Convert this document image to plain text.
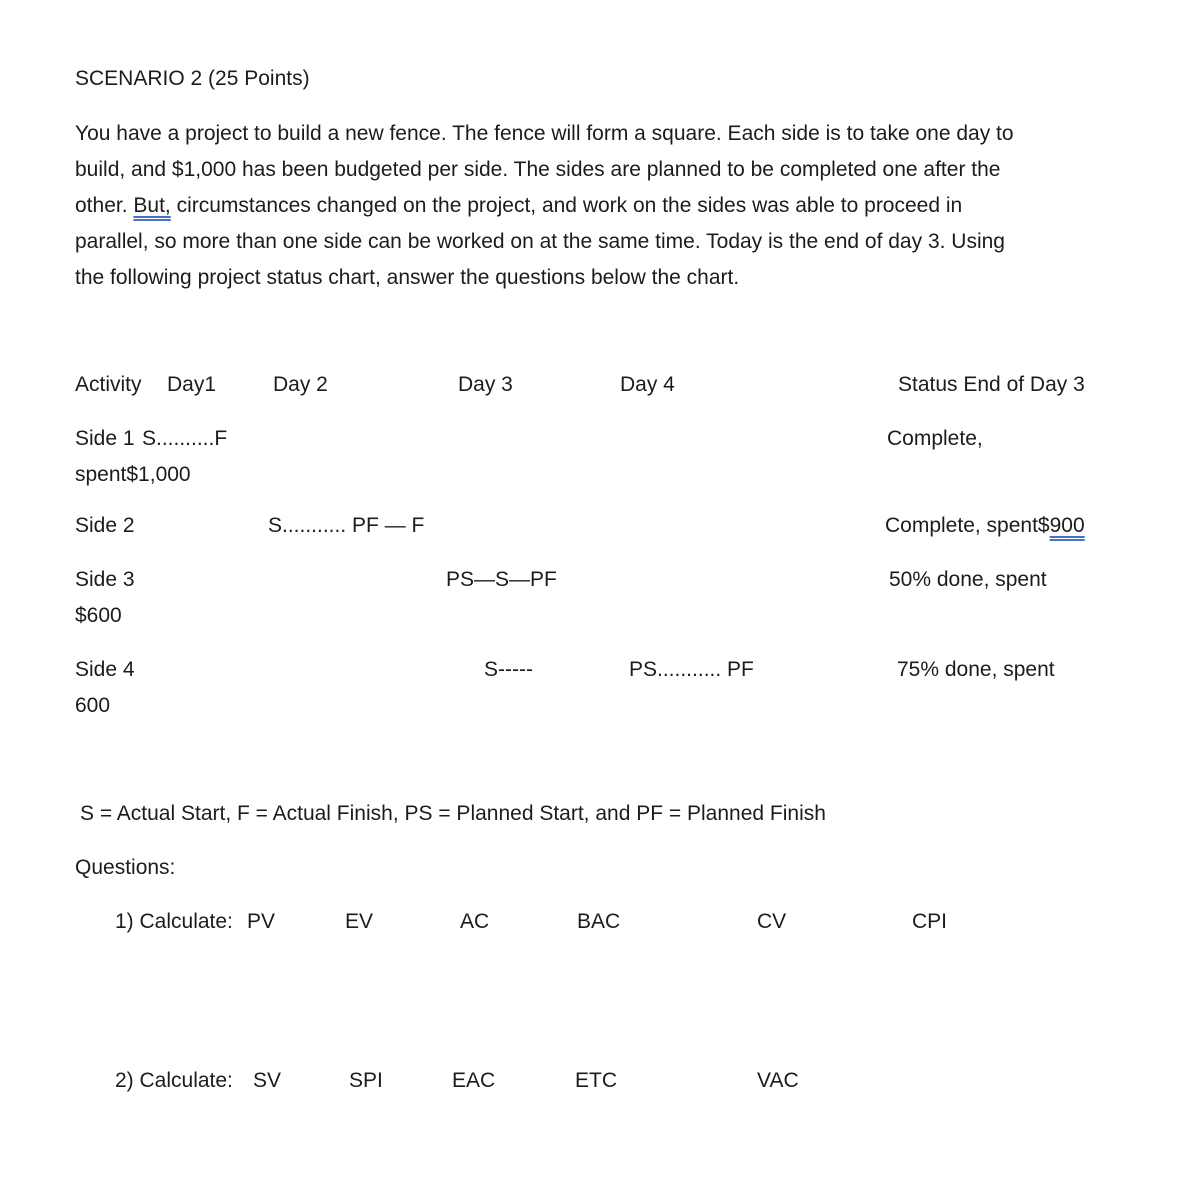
SCENARIO 2 (25 Points)

You have a project to build a new fence. The fence will form a square. Each side is to take one day to
build, and $1,000 has been budgeted per side. The sides are planned to be completed one after the
other. But, circumstances changed on the project, and work on the sides was able to proceed in
parallel, so more than one side can be worked on at the same time. Today is the end of day 3. Using
the following project status chart, answer the questions below the chart.

Activity Day1	Day 2	Day 3	Day 4	Status End of Day 3
Side 1 S..........F	Complete,
spent$1,000
Side 2	S........... PF — F	Complete, spent$900
Side 3	PS—S—PF	50% done, spent
$600
Side 4	S-----	PS........... PF	75% done, spent
600
S = Actual Start, F = Actual Finish, PS = Planned Start, and PF = Planned Finish
Questions:
1) Calculate: PV	EV	AC	BAC	CV	CPI
2) Calculate: SV	SPI	EAC	ETC	VAC
